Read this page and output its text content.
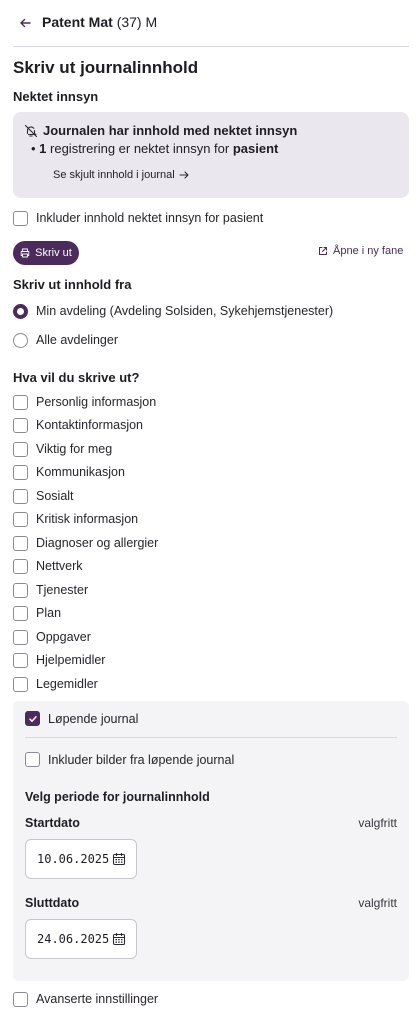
Patent Mat (37) M
Skriv ut journalinnhold
Nektet innsyn
Journalen har innhold med nektet innsyn
• 1 registrering er nektet innsyn for pasient
Se skjult innhold i journal
Inkluder innhold nektet innsyn for pasient
Skriv ut	Åpne i ny fane
Skriv ut innhold fra
Min avdeling (Avdeling Solsiden, Sykehjemstjenester)
Alle avdelinger
Hva vil du skrive ut?
Personlig informasjon
Kontaktinformasjon
Viktig for meg
Kommunikasjon
Sosialt
Kritisk informasjon
Diagnoser og allergier
Nettverk
Tjenester
Plan
Oppgaver
Hjelpemidler
Legemidler
Løpende journal
Inkluder bilder fra løpende journal
Velg periode for journalinnhold
Startdato	valgfritt
10.06.2025
Sluttdato	valgfritt
24.06.2025
Avanserte innstillinger
